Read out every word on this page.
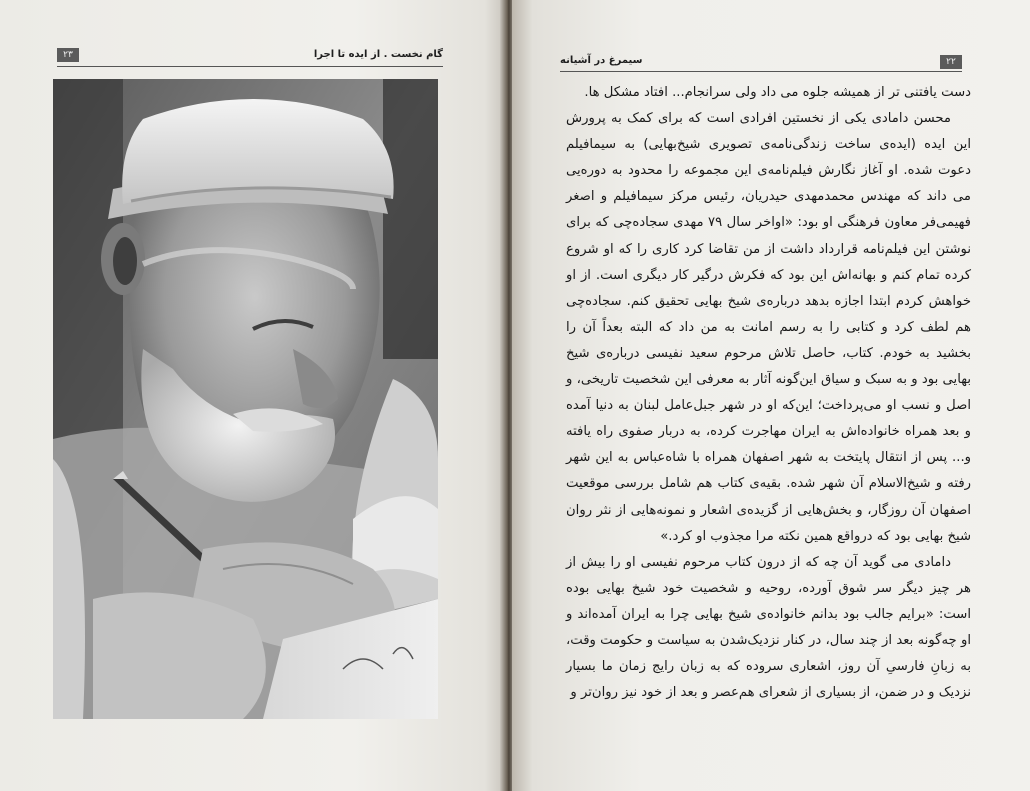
۲۳	گام نخست . از ایده تا اجرا
۲۲
سیمرغ در آشیانه

دست یافتنی تر از همیشه جلوه می داد ولی سرانجام... افتاد مشکل ها.

محسن دامادی یکی از نخستین افرادی است که برای کمک به پرورش این ایده (ایده‌ی ساخت زندگی‌نامه‌ی تصویری شیخ‌بهایی) به سیمافیلم دعوت شده. او آغاز نگارش فیلم‌نامه‌ی این مجموعه را محدود به دوره‌یی می داند که مهندس محمدمهدی حیدریان، رئیس مرکز سیمافیلم و اصغر فهیمی‌فر معاون فرهنگی او بود: «اواخر سال ۷۹ مهدی سجاده‌چی که برای نوشتن این فیلم‌نامه قرارداد داشت از من تقاضا کرد کاری را که او شروع کرده تمام کنم و بهانه‌اش این بود که فکرش درگیر کار دیگری است. از او خواهش کردم ابتدا اجازه بدهد درباره‌ی شیخ بهایی تحقیق کنم. سجاده‌چی هم لطف کرد و کتابی را به رسم امانت به من داد که البته بعداً آن را بخشید به خودم. کتاب، حاصل تلاش مرحوم سعید نفیسی درباره‌ی شیخ بهایی بود و به سبک و سیاق این‌گونه آثار به معرفی این شخصیت تاریخی، و اصل و نسب او می‌پرداخت؛ این‌که او در شهر جبل‌عامل لبنان به دنیا آمده و بعد همراه خانواده‌اش به ایران مهاجرت کرده، به دربار صفوی راه یافته و... پس از انتقال پایتخت به شهر اصفهان همراه با شاه‌عباس به این شهر رفته و شیخ‌الاسلام آن شهر شده. بقیه‌ی کتاب هم شامل بررسی موقعیت اصفهان آن روزگار، و بخش‌هایی از گزیده‌ی اشعار و نمونه‌هایی از نثر روان شیخ بهایی بود که درواقع همین نکته مرا مجذوب او کرد.»

دامادی می گوید آن چه که از درون کتاب مرحوم نفیسی او را بیش از هر چیز دیگر سر شوق آورده، روحیه و شخصیت خود شیخ بهایی بوده است: «برایم جالب بود بدانم خانواده‌ی شیخ بهایی چرا به ایران آمده‌اند و او چه‌گونه بعد از چند سال، در کنار نزدیک‌شدن به سیاست و حکومت وقت، به زبانِ فارسیِ آن روز، اشعاری سروده که به زبان رایج زمان ما بسیار نزدیک و در ضمن، از بسیاری از شعرای هم‌عصر و بعد از خود نیز روان‌تر و
